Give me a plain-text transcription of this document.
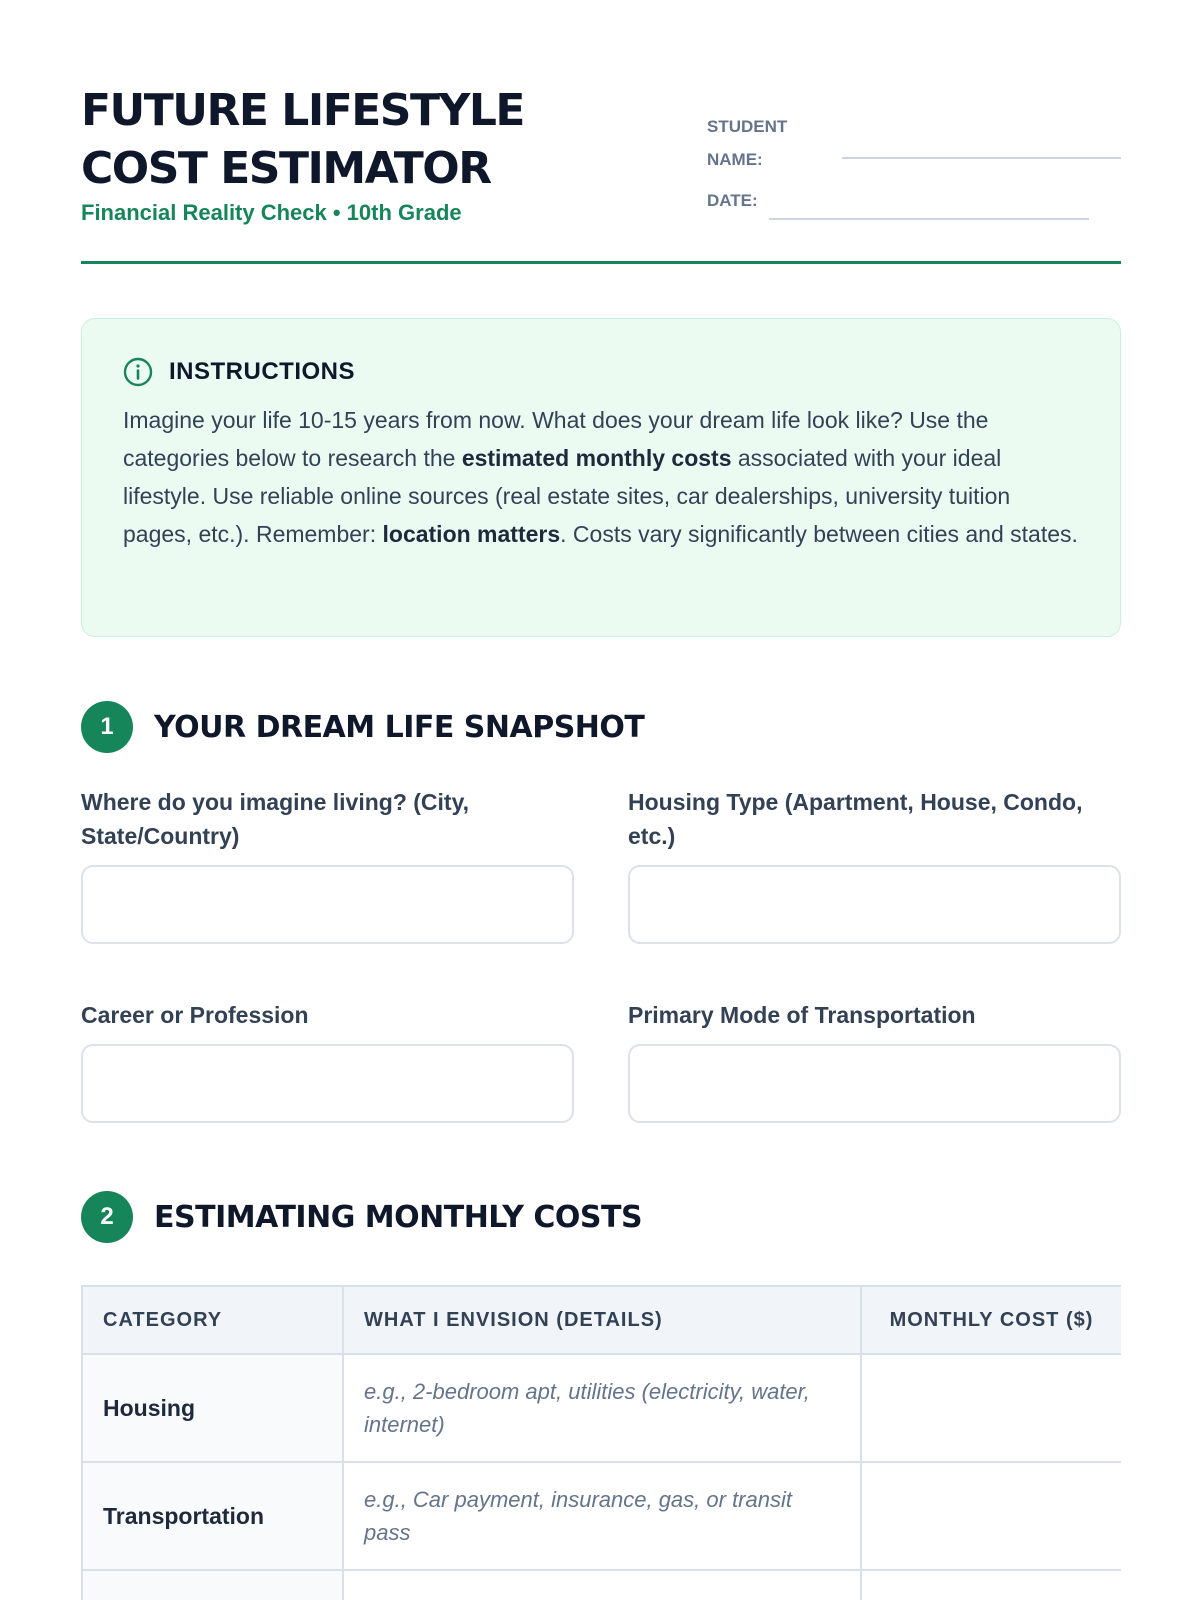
FUTURE LIFESTYLE COST ESTIMATOR
Financial Reality Check • 10th Grade
STUDENT NAME:
DATE:
INSTRUCTIONS

Imagine your life 10-15 years from now. What does your dream life look like? Use the categories below to research the estimated monthly costs associated with your ideal lifestyle. Use reliable online sources (real estate sites, car dealerships, university tuition pages, etc.). Remember: location matters. Costs vary significantly between cities and states.

1	YOUR DREAM LIFE SNAPSHOT
Where do you imagine living? (City, State/Country)
Housing Type (Apartment, House, Condo, etc.)
Career or Profession	Primary Mode of Transportation
2	ESTIMATING MONTHLY COSTS
CATEGORY	WHAT I ENVISION (DETAILS)	MONTHLY COST ($)
Housing	e.g., 2-bedroom apt, utilities (electricity, water, internet)	
Transportation	e.g., Car payment, insurance, gas, or transit pass	
